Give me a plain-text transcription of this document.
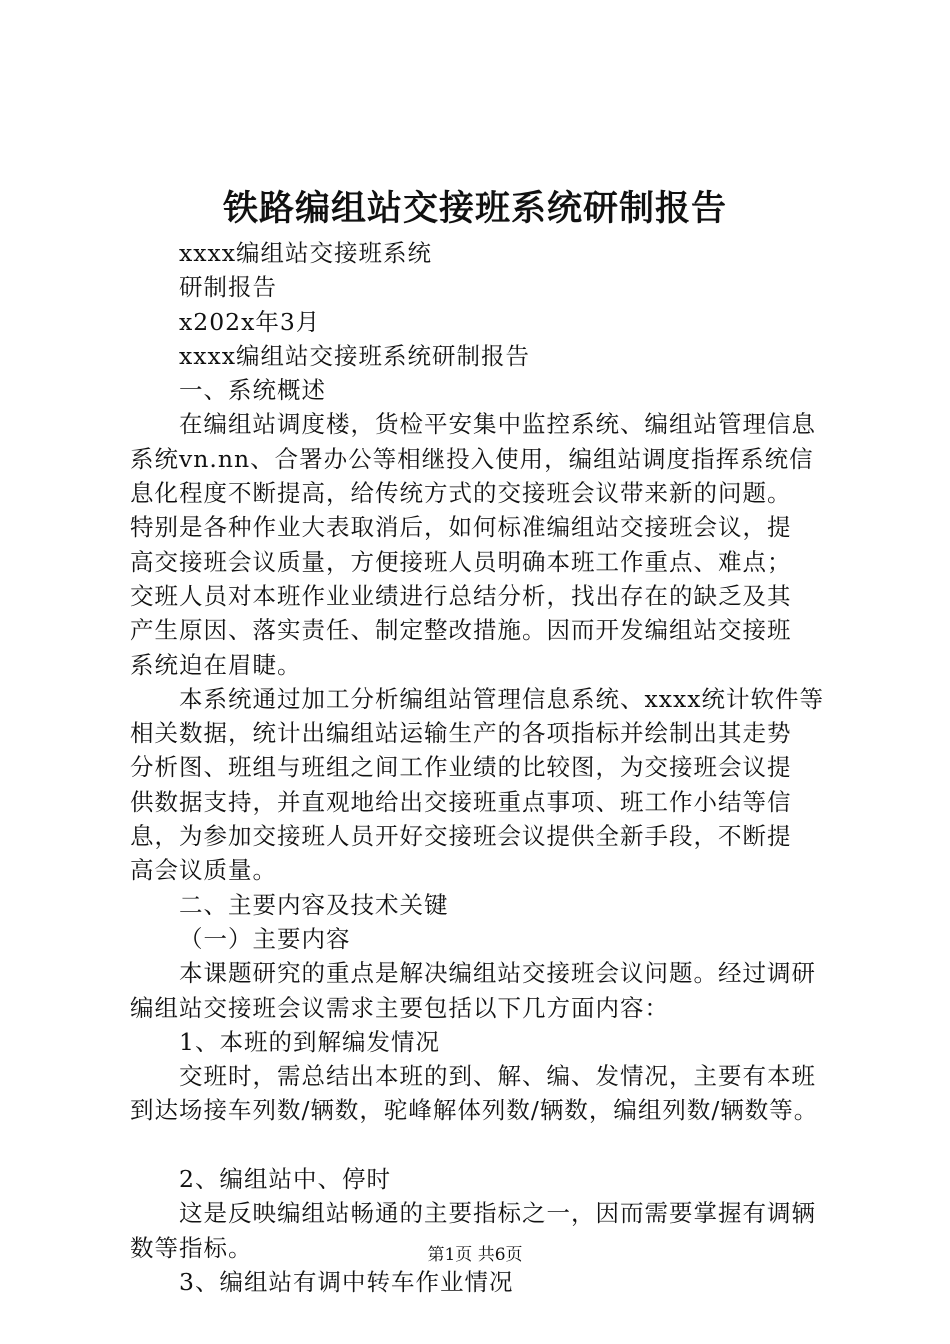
铁路编组站交接班系统研制报告
xxxx编组站交接班系统
研制报告
x202x年3月
xxxx编组站交接班系统研制报告
一、系统概述
在编组站调度楼，货检平安集中监控系统、编组站管理信息
系统vn.nn、合署办公等相继投入使用，编组站调度指挥系统信
息化程度不断提高，给传统方式的交接班会议带来新的问题。
特别是各种作业大表取消后，如何标准编组站交接班会议，提
高交接班会议质量，方便接班人员明确本班工作重点、难点；
交班人员对本班作业业绩进行总结分析，找出存在的缺乏及其
产生原因、落实责任、制定整改措施。因而开发编组站交接班
系统迫在眉睫。
本系统通过加工分析编组站管理信息系统、xxxx统计软件等
相关数据，统计出编组站运输生产的各项指标并绘制出其走势
分析图、班组与班组之间工作业绩的比较图，为交接班会议提
供数据支持，并直观地给出交接班重点事项、班工作小结等信
息，为参加交接班人员开好交接班会议提供全新手段，不断提
高会议质量。
二、主要内容及技术关键
（一）主要内容
本课题研究的重点是解决编组站交接班会议问题。经过调研
编组站交接班会议需求主要包括以下几方面内容：
1、本班的到解编发情况
交班时，需总结出本班的到、解、编、发情况，主要有本班
到达场接车列数/辆数，驼峰解体列数/辆数，编组列数/辆数等。
2、编组站中、停时
这是反映编组站畅通的主要指标之一，因而需要掌握有调辆
数等指标。
3、编组站有调中转车作业情况
第1页 共6页
